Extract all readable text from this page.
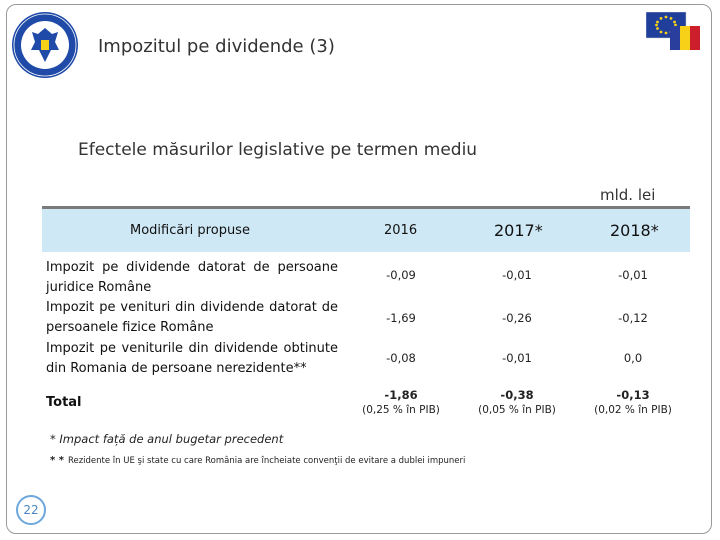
Impozitul pe dividende (3)
Efectele măsurilor legislative pe termen mediu
mld. lei
Modificări propuse	2016	2017*	2018*
Impozit pe dividende datorat de persoane juridice Române
-0,09	-0,01	-0,01
Impozit pe venituri din dividende datorat de persoanele fizice Române
-1,69	-0,26	-0,12
Impozit pe veniturile din dividende obtinute din Romania de persoane nerezidente**
-0,08	-0,01	0,0
Total	-1,86	-0,38	-0,13
(0,25 % în PIB)	(0,05 % în PIB)	(0,02 % în PIB)
* Impact față de anul bugetar precedent
* * Rezidente în UE şi state cu care România are încheiate convenţii de evitare a dublei impuneri
22
